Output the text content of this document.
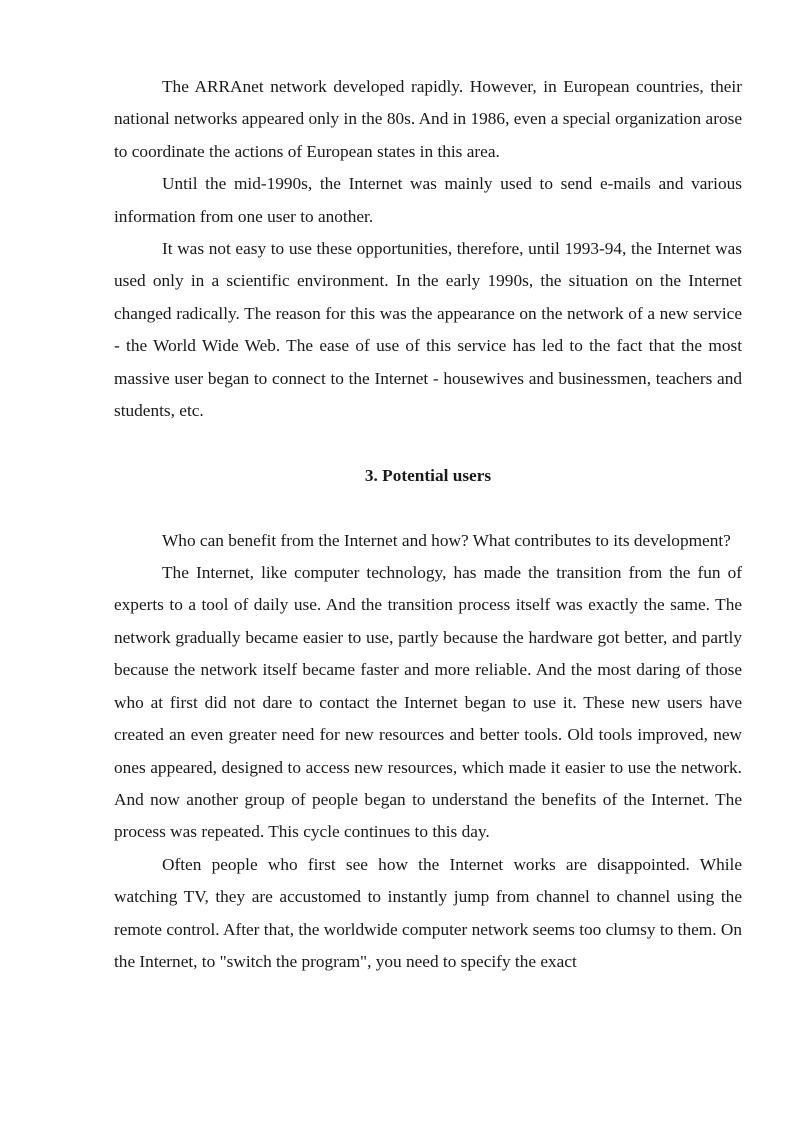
The ARRAnet network developed rapidly. However, in European countries, their national networks appeared only in the 80s. And in 1986, even a special organization arose to coordinate the actions of European states in this area.

Until the mid-1990s, the Internet was mainly used to send e-mails and various information from one user to another.

It was not easy to use these opportunities, therefore, until 1993-94, the Internet was used only in a scientific environment. In the early 1990s, the situation on the Internet changed radically. The reason for this was the appearance on the network of a new service - the World Wide Web. The ease of use of this service has led to the fact that the most massive user began to connect to the Internet - housewives and businessmen, teachers and students, etc.

3. Potential users

Who can benefit from the Internet and how? What contributes to its development?

The Internet, like computer technology, has made the transition from the fun of experts to a tool of daily use. And the transition process itself was exactly the same. The network gradually became easier to use, partly because the hardware got better, and partly because the network itself became faster and more reliable. And the most daring of those who at first did not dare to contact the Internet began to use it. These new users have created an even greater need for new resources and better tools. Old tools improved, new ones appeared, designed to access new resources, which made it easier to use the network. And now another group of people began to understand the benefits of the Internet. The process was repeated. This cycle continues to this day.

Often people who first see how the Internet works are disappointed. While watching TV, they are accustomed to instantly jump from channel to channel using the remote control. After that, the worldwide computer network seems too clumsy to them. On the Internet, to "switch the program", you need to specify the exact
